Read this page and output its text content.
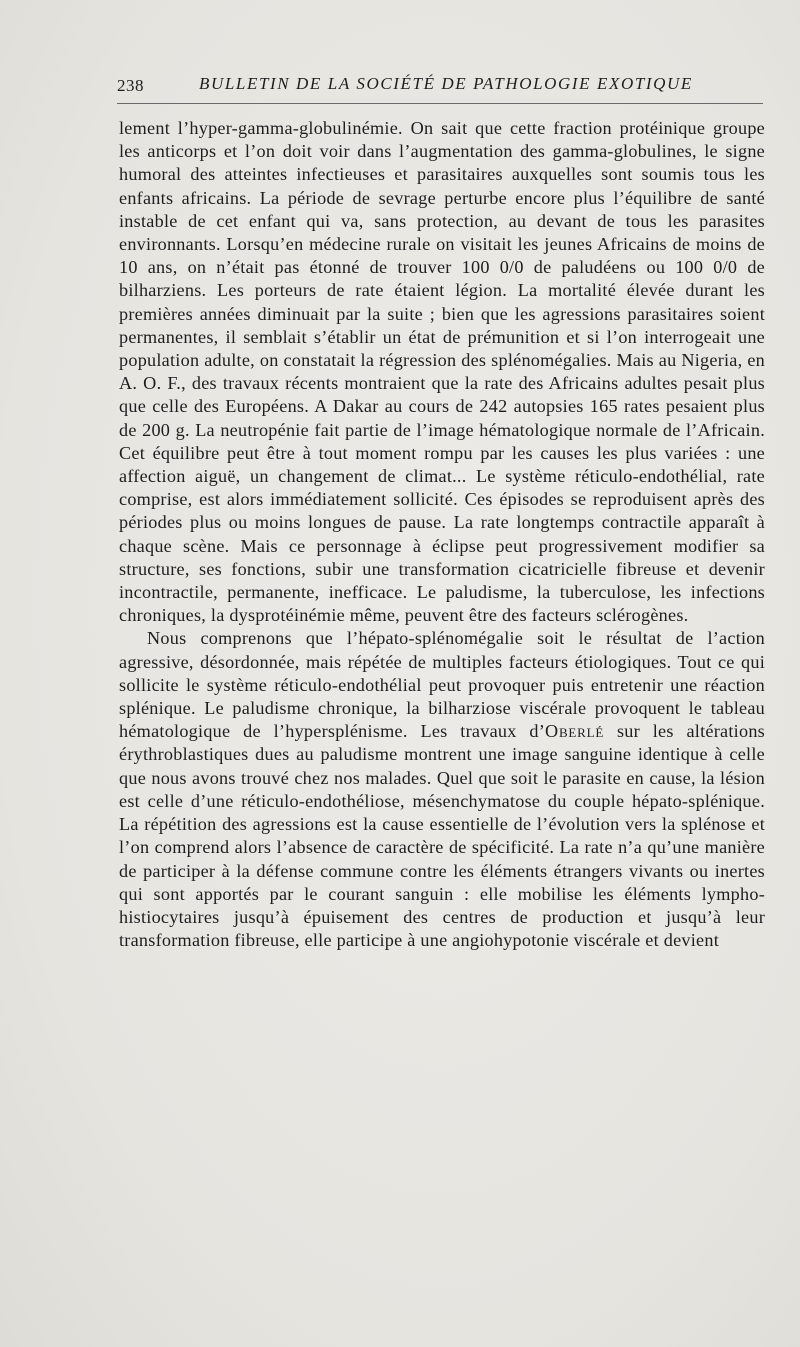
238	BULLETIN DE LA SOCIÉTÉ DE PATHOLOGIE EXOTIQUE

lement l’hyper-gamma-globulinémie. On sait que cette fraction protéinique groupe les anticorps et l’on doit voir dans l’augmentation des gamma-globulines, le signe humoral des atteintes infectieuses et parasitaires auxquelles sont soumis tous les enfants africains. La période de sevrage perturbe encore plus l’équilibre de santé instable de cet enfant qui va, sans protection, au devant de tous les parasites environnants. Lorsqu’en médecine rurale on visitait les jeunes Africains de moins de 10 ans, on n’était pas étonné de trouver 100 0/0 de paludéens ou 100 0/0 de bilharziens. Les porteurs de rate étaient légion. La mortalité élevée durant les premières années diminuait par la suite ; bien que les agressions parasitaires soient permanentes, il semblait s’établir un état de prémunition et si l’on interrogeait une population adulte, on constatait la régression des splénomégalies. Mais au Nigeria, en A. O. F., des travaux récents montraient que la rate des Africains adultes pesait plus que celle des Européens. A Dakar au cours de 242 autopsies 165 rates pesaient plus de 200 g. La neutropénie fait partie de l’image hématologique normale de l’Africain. Cet équilibre peut être à tout moment rompu par les causes les plus variées : une affection aiguë, un changement de climat... Le système réticulo-endothélial, rate comprise, est alors immédiatement sollicité. Ces épisodes se reproduisent après des périodes plus ou moins longues de pause. La rate longtemps contractile apparaît à chaque scène. Mais ce personnage à éclipse peut progressivement modifier sa structure, ses fonctions, subir une transformation cicatricielle fibreuse et devenir incontractile, permanente, inefficace. Le paludisme, la tuberculose, les infections chroniques, la dysprotéinémie même, peuvent être des facteurs sclérogènes.

Nous comprenons que l’hépato-splénomégalie soit le résultat de l’action agressive, désordonnée, mais répétée de multiples facteurs étiologiques. Tout ce qui sollicite le système réticulo-endothélial peut provoquer puis entretenir une réaction splénique. Le paludisme chronique, la bilharziose viscérale provoquent le tableau hématologique de l’hypersplénisme. Les travaux d’Oberlé sur les altérations érythroblastiques dues au paludisme montrent une image sanguine identique à celle que nous avons trouvé chez nos malades. Quel que soit le parasite en cause, la lésion est celle d’une réticulo-endothéliose, mésenchymatose du couple hépato-splénique. La répétition des agressions est la cause essentielle de l’évolution vers la splénose et l’on comprend alors l’absence de caractère de spécificité. La rate n’a qu’une manière de participer à la défense commune contre les éléments étrangers vivants ou inertes qui sont apportés par le courant sanguin : elle mobilise les éléments lympho-histiocytaires jusqu’à épuisement des centres de production et jusqu’à leur transformation fibreuse, elle participe à une angiohypotonie viscérale et devient
